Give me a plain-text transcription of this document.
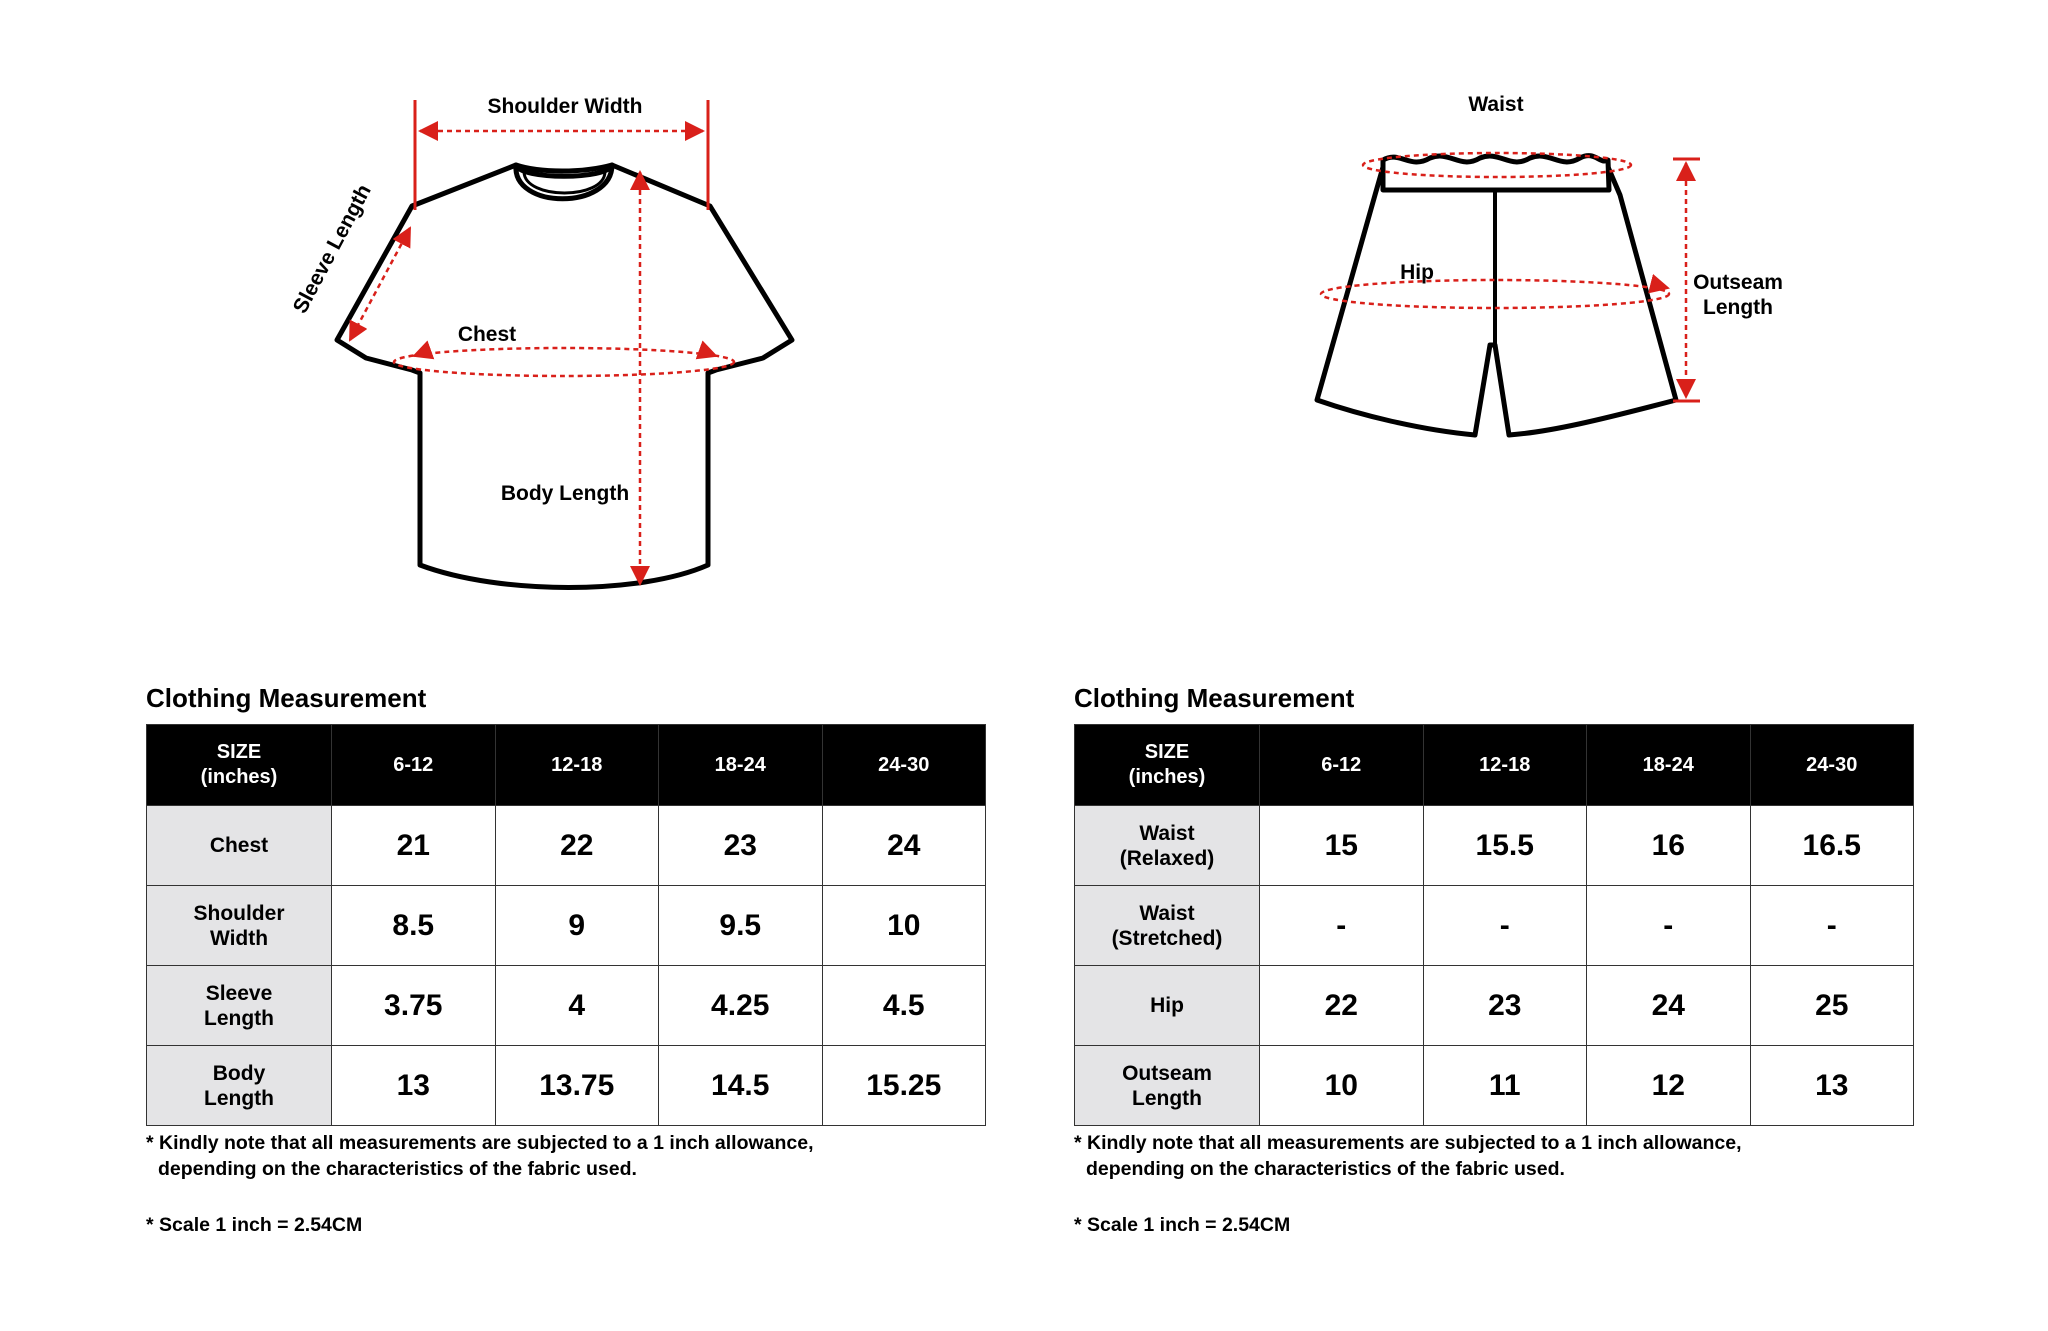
Shoulder Width
Sleeve Length
Chest
Body Length
Waist
Hip	Outseam
Length
Clothing Measurement
SIZE
(inches)	6-12	12-18	18-24	24-30

Chest	21	22	23	24

Shoulder
Width	8.5	9	9.5	10

Sleeve
Length	3.75	4	4.25	4.5

Body
Length	13	13.75	14.5	15.25
* Kindly note that all measurements are subjected to a 1 inch allowance,
depending on the characteristics of the fabric used.
* Scale 1 inch = 2.54CM
Clothing Measurement
SIZE
(inches)	6-12	12-18	18-24	24-30

Waist
(Relaxed)	15	15.5	16	16.5

Waist
(Stretched)	-	-	-	-

Hip	22	23	24	25

Outseam
Length	10	11	12	13
* Kindly note that all measurements are subjected to a 1 inch allowance,
depending on the characteristics of the fabric used.
* Scale 1 inch = 2.54CM
